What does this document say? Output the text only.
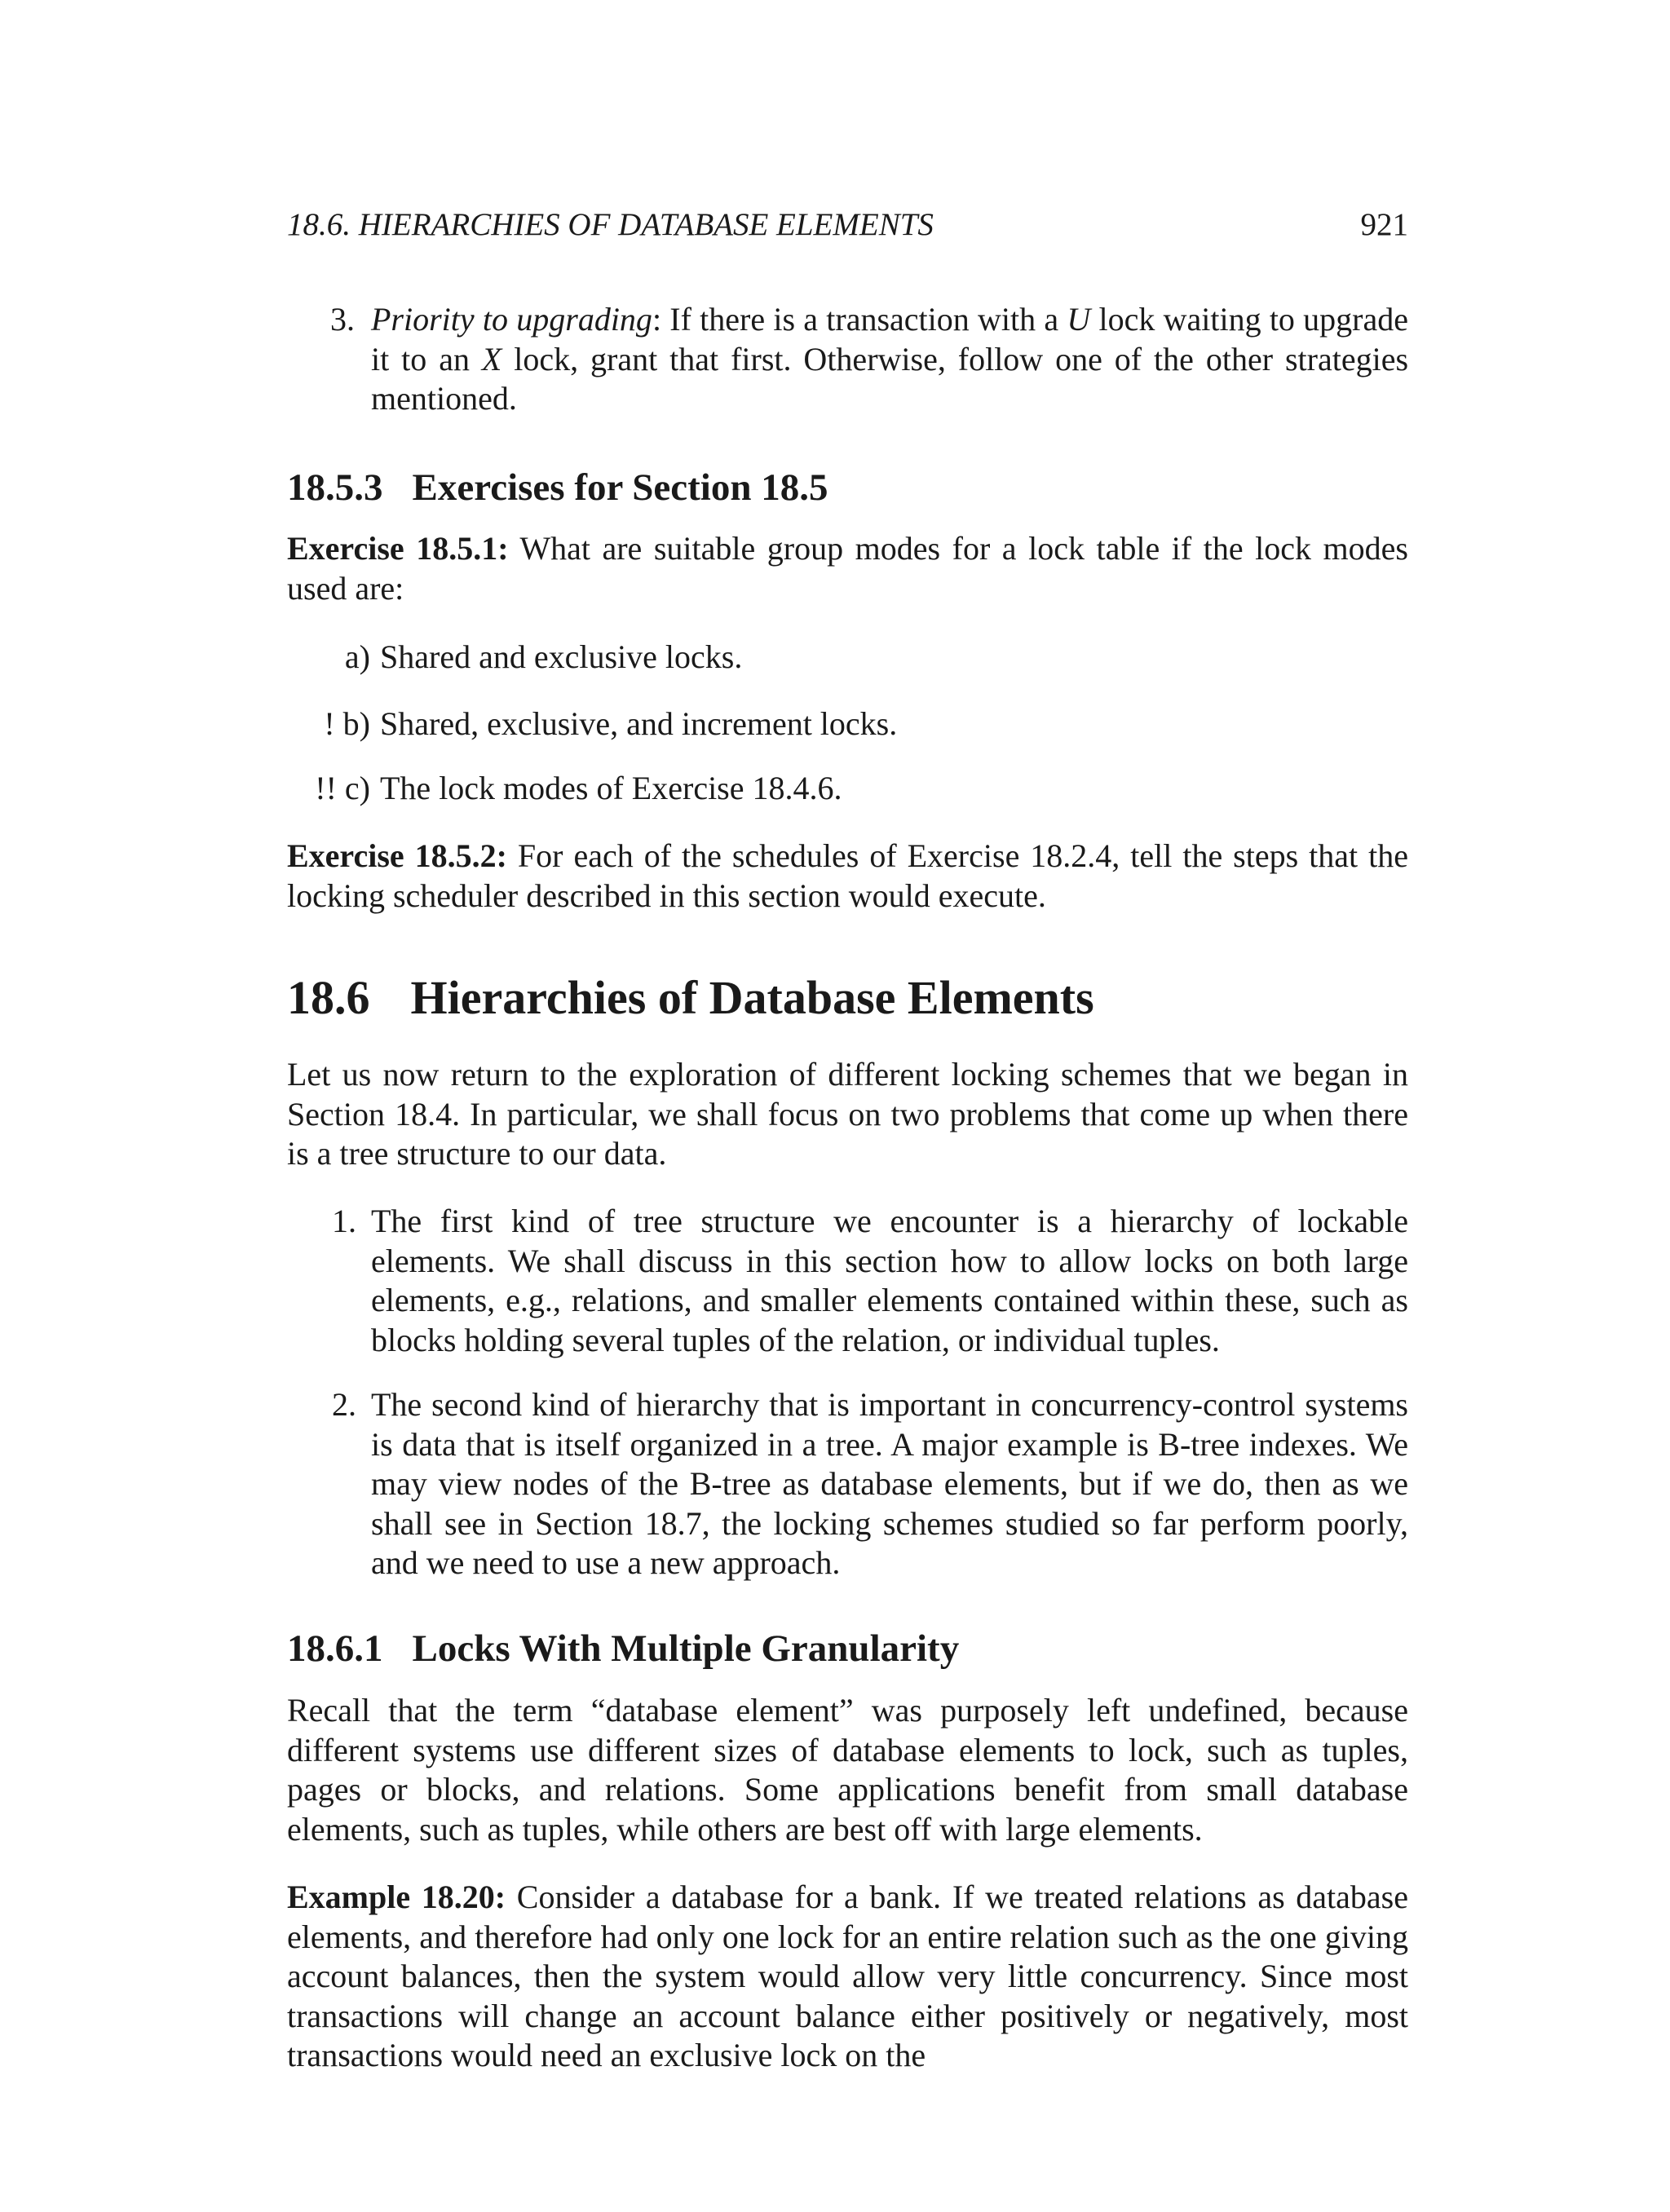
18.6. HIERARCHIES OF DATABASE ELEMENTS	921
3. Priority to upgrading: If there is a transaction with a U lock waiting to upgrade it to an X lock, grant that first. Otherwise, follow one of the other strategies mentioned.
18.5.3 Exercises for Section 18.5

Exercise 18.5.1: What are suitable group modes for a lock table if the lock modes used are:

a) Shared and exclusive locks.
! b) Shared, exclusive, and increment locks.
!! c) The lock modes of Exercise 18.4.6.

Exercise 18.5.2: For each of the schedules of Exercise 18.2.4, tell the steps that the locking scheduler described in this section would execute.

18.6 Hierarchies of Database Elements

Let us now return to the exploration of different locking schemes that we began in Section 18.4. In particular, we shall focus on two problems that come up when there is a tree structure to our data.

1. The first kind of tree structure we encounter is a hierarchy of lockable elements. We shall discuss in this section how to allow locks on both large elements, e.g., relations, and smaller elements contained within these, such as blocks holding several tuples of the relation, or individual tuples.
2. The second kind of hierarchy that is important in concurrency-control systems is data that is itself organized in a tree. A major example is B-tree indexes. We may view nodes of the B-tree as database elements, but if we do, then as we shall see in Section 18.7, the locking schemes studied so far perform poorly, and we need to use a new approach.
18.6.1 Locks With Multiple Granularity

Recall that the term “database element” was purposely left undefined, because different systems use different sizes of database elements to lock, such as tuples, pages or blocks, and relations. Some applications benefit from small database elements, such as tuples, while others are best off with large elements.

Example 18.20: Consider a database for a bank. If we treated relations as database elements, and therefore had only one lock for an entire relation such as the one giving account balances, then the system would allow very little concurrency. Since most transactions will change an account balance either positively or negatively, most transactions would need an exclusive lock on the
